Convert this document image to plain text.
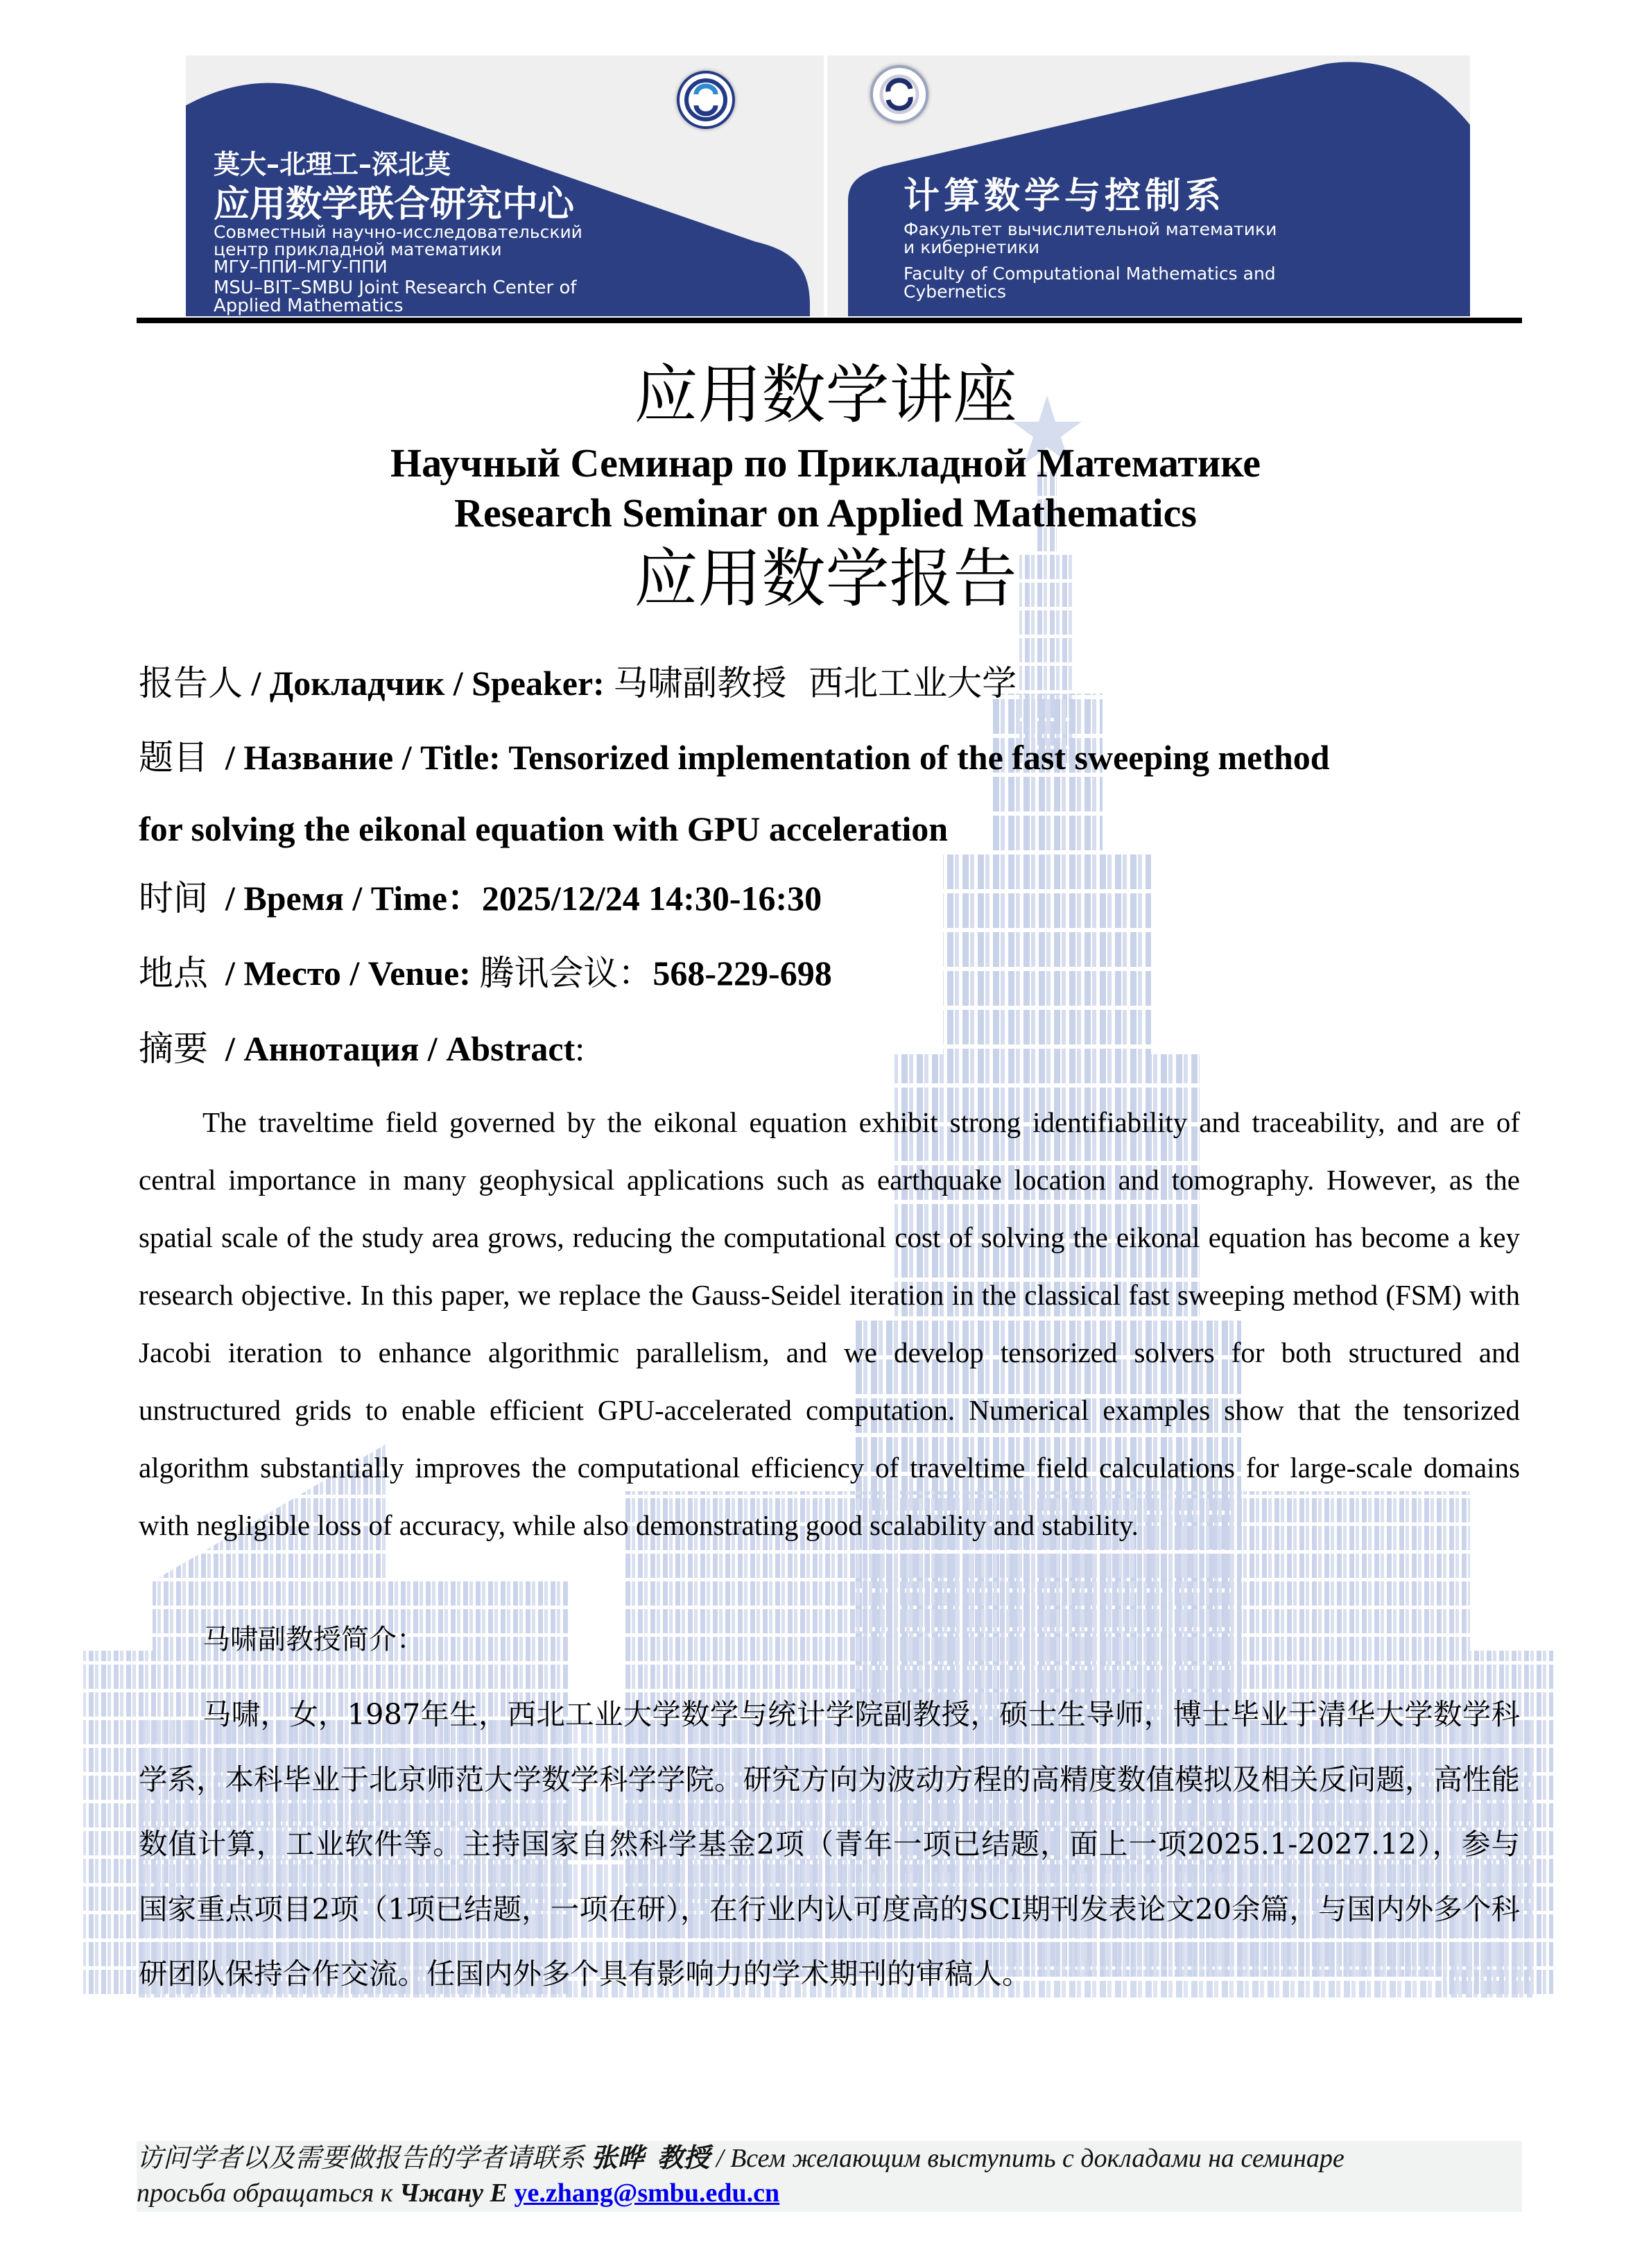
莫大–北理工–深北莫
应用数学联合研究中心
Совместный научно-исследовательский
центр прикладной математики
МГУ–ППИ–МГУ-ППИ
MSU–BIT–SMBU Joint Research Center of
Applied Mathematics
计算数学与控制系
Факультет вычислительной математики
и кибернетики
Faculty of Computational Mathematics and
Cybernetics
应用数学讲座
Научный Семинар по Прикладной Математике
Research Seminar on Applied Mathematics
应用数学报告
报告人 / Докладчик / Speaker: 马啸副教授  西北工业大学
题目  / Название / Title: Tensorized implementation of the fast sweeping method
for solving the eikonal equation with GPU acceleration
时间  / Время / Time：2025/12/24 14:30-16:30
地点  / Место / Venue: 腾讯会议：568-229-698
摘要  / Аннотация / Abstract:
The traveltime field governed by the eikonal equation exhibit strong identifiability and traceability, and are of central importance in many geophysical applications such as earthquake location and tomography. However, as the spatial scale of the study area grows, reducing the computational cost of solving the eikonal equation has become a key research objective. In this paper, we replace the Gauss-Seidel iteration in the classical fast sweeping method (FSM) with Jacobi iteration to enhance algorithmic parallelism, and we develop tensorized solvers for both structured and unstructured grids to enable efficient GPU-accelerated computation. Numerical examples show that the tensorized algorithm substantially improves the computational efficiency of traveltime field calculations for large-scale domains with negligible loss of accuracy, while also demonstrating good scalability and stability.
马啸副教授简介：
马啸，女，1987年生，西北工业大学数学与统计学院副教授，硕士生导师，博士毕业于清华大学数学科学系，本科毕业于北京师范大学数学科学学院。研究方向为波动方程的高精度数值模拟及相关反问题，高性能数值计算，工业软件等。主持国家自然科学基金2项（青年一项已结题，面上一项2025.1-2027.12），参与国家重点项目2项（1项已结题，一项在研），在行业内认可度高的SCI期刊发表论文20余篇，与国内外多个科研团队保持合作交流。任国内外多个具有影响力的学术期刊的审稿人。
访问学者以及需要做报告的学者请联系 张晔  教授 / Всем желающим выступить с докладами на семинаре
просьба обращаться к Чжану Е ye.zhang@smbu.edu.cn
